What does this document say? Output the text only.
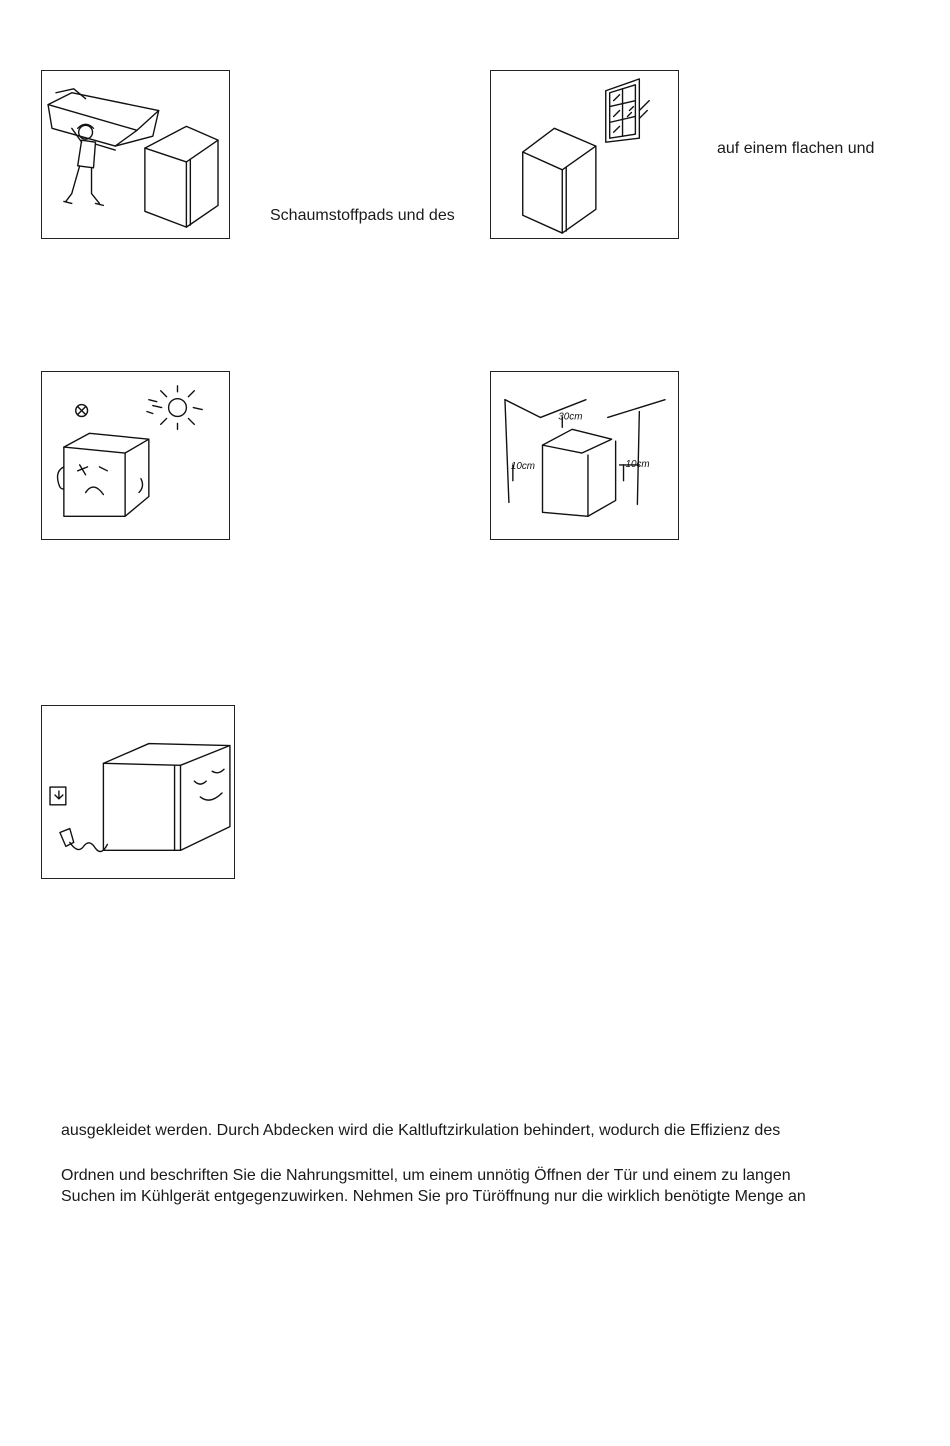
Schaumstoffpads und des
auf einem flachen und
30cm
10cm	10cm
ausgekleidet werden. Durch Abdecken wird die Kaltluftzirkulation behindert, wodurch die Effizienz des
Ordnen und beschriften Sie die Nahrungsmittel, um einem unnötig Öffnen der Tür und einem zu langen
Suchen im Kühlgerät entgegenzuwirken. Nehmen Sie pro Türöffnung nur die wirklich benötigte Menge an
